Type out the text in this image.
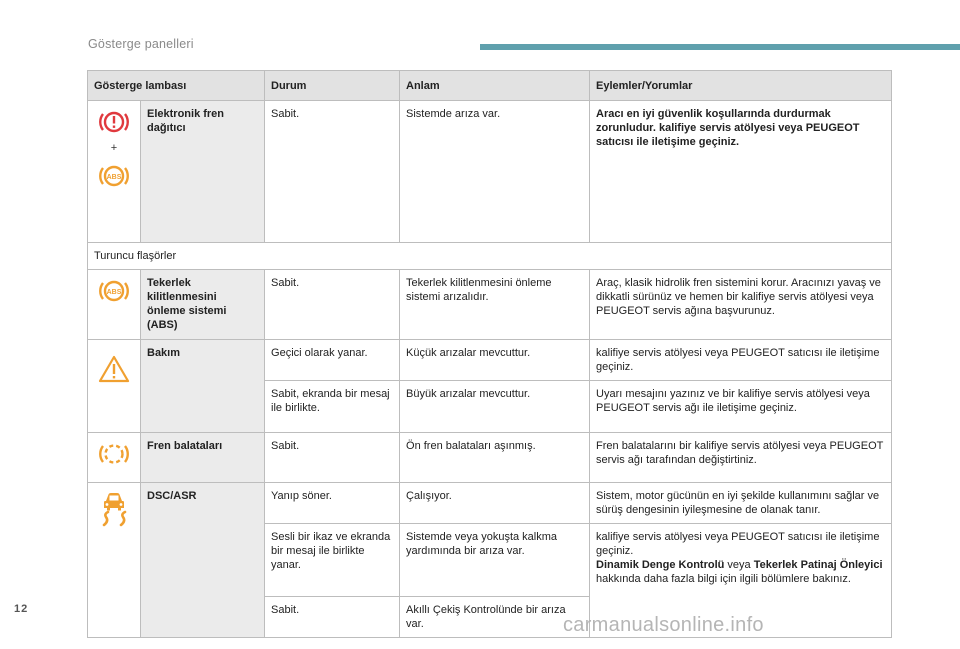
Gösterge panelleri
Gösterge lambası		Durum	Anlam	Eylemler/Yorumlar

+
ABS	Elektronik fren dağıtıcı	Sabit.	Sistemde arıza var.	Aracı en iyi güvenlik koşullarında durdurmak zorunludur. kalifiye servis atölyesi veya PEUGEOT satıcısı ile iletişime geçiniz.
Turuncu flaşörler				

ABS	Tekerlek kilitlenmesini önleme sistemi (ABS)	Sabit.	Tekerlek kilitlenmesini önleme sistemi arızalıdır.	Araç, klasik hidrolik fren sistemini korur. Aracınızı yavaş ve dikkatli sürünüz ve hemen bir kalifiye servis atölyesi veya PEUGEOT servis ağına başvurunuz.

	Bakım	Geçici olarak yanar.	Küçük arızalar mevcuttur.	kalifiye servis atölyesi veya PEUGEOT satıcısı ile iletişime geçiniz.
		Sabit, ekranda bir mesaj ile birlikte.	Büyük arızalar mevcuttur.	Uyarı mesajını yazınız ve bir kalifiye servis atölyesi veya PEUGEOT servis ağı ile iletişime geçiniz.

	Fren balataları	Sabit.	Ön fren balataları aşınmış.	Fren balatalarını bir kalifiye servis atölyesi veya PEUGEOT servis ağı tarafından değiştirtiniz.

	DSC/ASR	Yanıp söner.	Çalışıyor.	Sistem, motor gücünün en iyi şekilde kullanımını sağlar ve sürüş dengesinin iyileşmesine de olanak tanır.
		Sesli bir ikaz ve ekranda bir mesaj ile birlikte yanar.	Sistemde veya yokuşta kalkma yardımında bir arıza var.	kalifiye servis atölyesi veya PEUGEOT satıcısı ile iletişime geçiniz.
Dinamik Denge Kontrolü veya Tekerlek Patinaj Önleyici hakkında daha fazla bilgi için ilgili bölümlere bakınız.
		Sabit.	Akıllı Çekiş Kontrolünde bir arıza var.	
12
carmanualsonline.info
